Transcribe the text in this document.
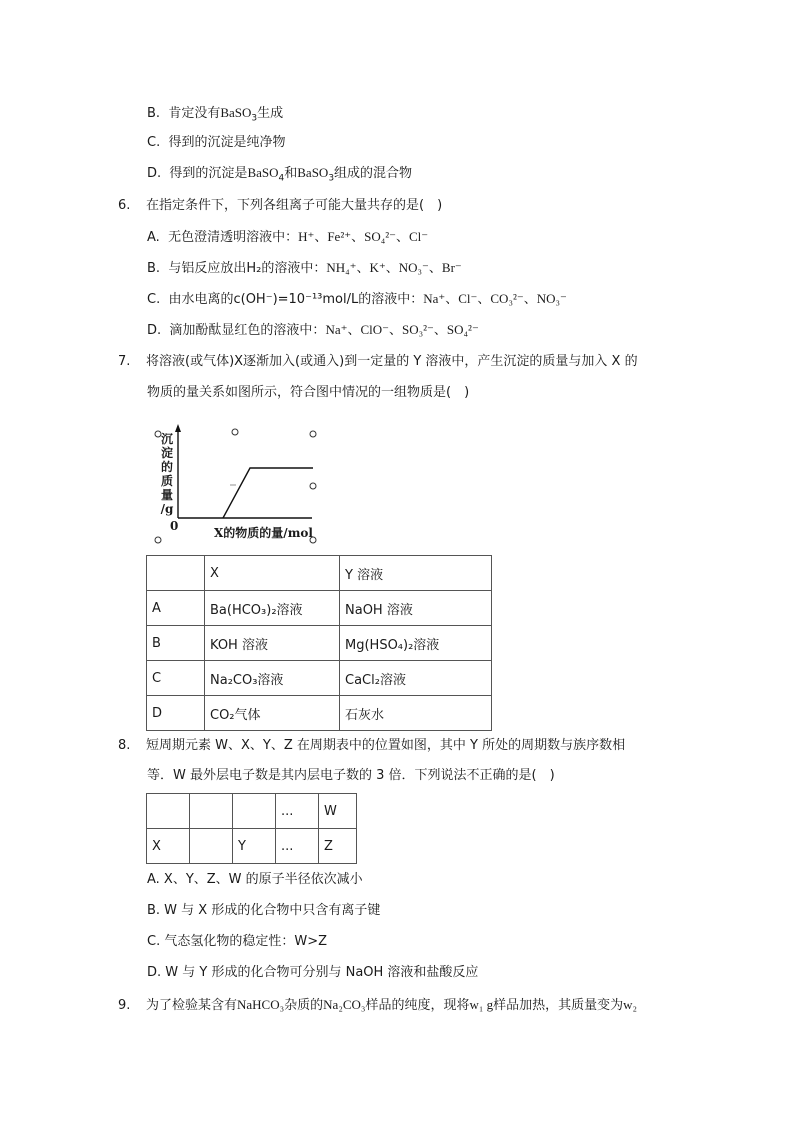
B. 肯定没有BaSO$_3$生成
C. 得到的沉淀是纯净物
D. 得到的沉淀是BaSO$_4$和BaSO$_3$组成的混合物
6. 在指定条件下，下列各组离子可能大量共存的是(　)
A. 无色澄清透明溶液中：H⁺、Fe²⁺、SO₄²⁻、Cl⁻
B. 与铝反应放出H₂的溶液中：NH₄⁺、K⁺、NO₃⁻、Br⁻
C. 由水电离的c(OH⁻)=10⁻¹³mol/L的溶液中：Na⁺、Cl⁻、CO₃²⁻、NO₃⁻
D. 滴加酚酞显红色的溶液中：Na⁺、ClO⁻、SO₃²⁻、SO₄²⁻
7. 将溶液(或气体)X逐渐加入(或通入)到一定量的 Y 溶液中，产生沉淀的质量与加入 X 的
物质的量关系如图所示，符合图中情况的一组物质是(　)
沉
淀
的
质
量
/g
0	X的物质的量/mol
	X	Y 溶液
A	Ba(HCO₃)₂溶液	NaOH 溶液
B	KOH 溶液	Mg(HSO₄)₂溶液
C	Na₂CO₃溶液	CaCl₂溶液
D	CO₂气体	石灰水
8. 短周期元素 W、X、Y、Z 在周期表中的位置如图，其中 Y 所处的周期数与族序数相
等．W 最外层电子数是其内层电子数的 3 倍．下列说法不正确的是(　)
			...	W
X		Y	...	Z
A. X、Y、Z、W 的原子半径依次减小
B. W 与 X 形成的化合物中只含有离子键
C. 气态氢化物的稳定性：W>Z
D. W 与 Y 形成的化合物可分别与 NaOH 溶液和盐酸反应
9. 为了检验某含有NaHCO₃杂质的Na₂CO₃样品的纯度，现将w₁ g样品加热，其质量变为w₂
